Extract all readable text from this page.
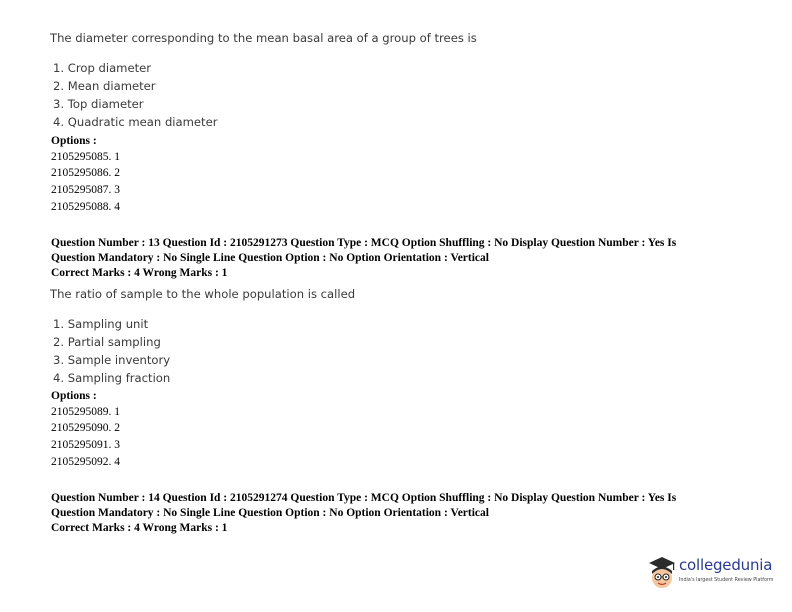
The diameter corresponding to the mean basal area of a group of trees is
1. Crop diameter
2. Mean diameter
3. Top diameter
4. Quadratic mean diameter
Options :
2105295085. 1
2105295086. 2
2105295087. 3
2105295088. 4
Question Number : 13 Question Id : 2105291273 Question Type : MCQ Option Shuffling : No Display Question Number : Yes Is
Question Mandatory : No Single Line Question Option : No Option Orientation : Vertical
Correct Marks : 4 Wrong Marks : 1
The ratio of sample to the whole population is called
1. Sampling unit
2. Partial sampling
3. Sample inventory
4. Sampling fraction
Options :
2105295089. 1
2105295090. 2
2105295091. 3
2105295092. 4
Question Number : 14 Question Id : 2105291274 Question Type : MCQ Option Shuffling : No Display Question Number : Yes Is
Question Mandatory : No Single Line Question Option : No Option Orientation : Vertical
Correct Marks : 4 Wrong Marks : 1
collegedunia
India's largest Student Review Platform
